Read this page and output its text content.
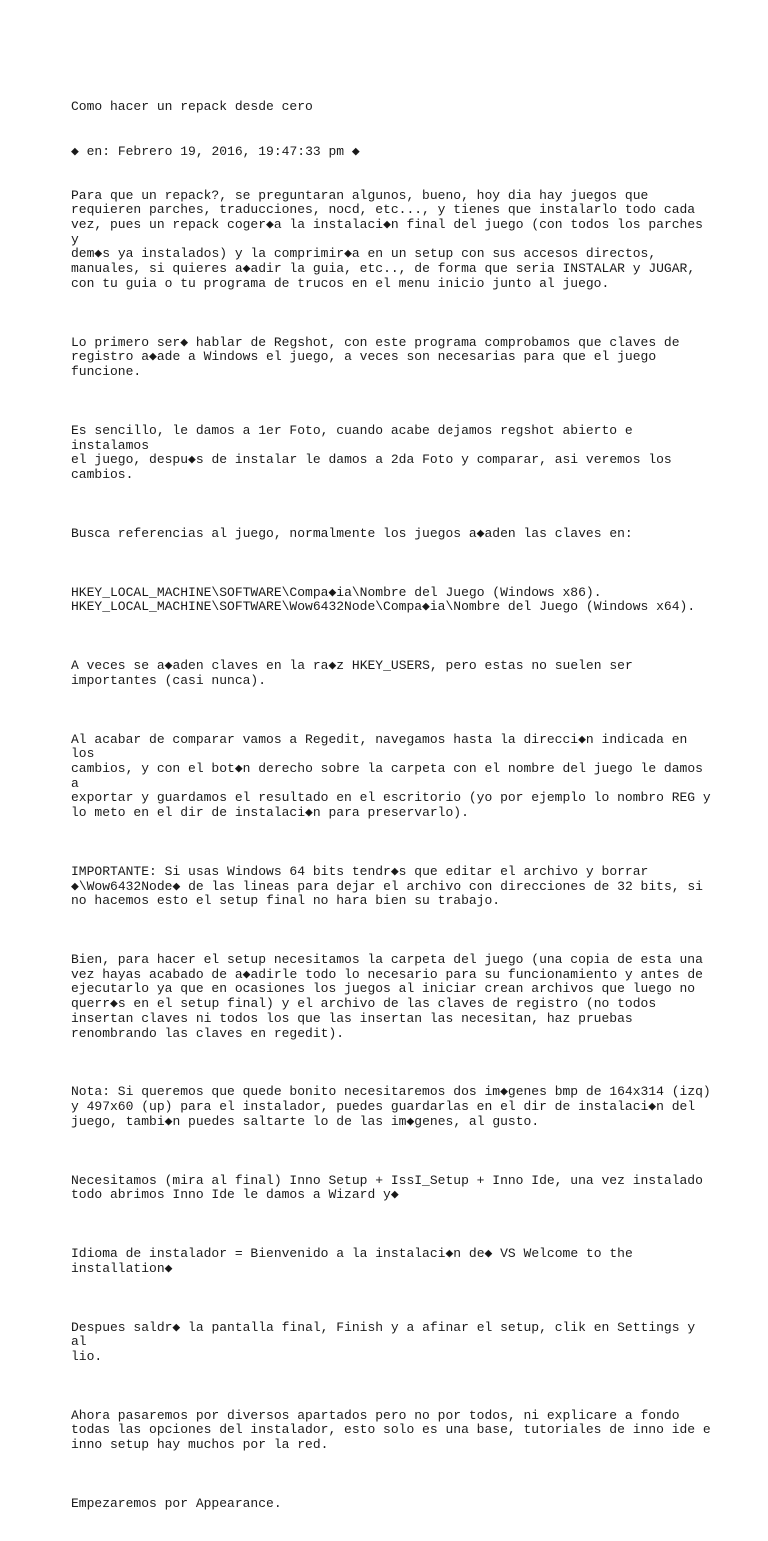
Como hacer un repack desde cero

◆ en: Febrero 19, 2016, 19:47:33 pm ◆

Para que un repack?, se preguntaran algunos, bueno, hoy dia hay juegos que
requieren parches, traducciones, nocd, etc..., y tienes que instalarlo todo cada
vez, pues un repack coger◆a la instalaci◆n final del juego (con todos los parches y
dem◆s ya instalados) y la comprimir◆a en un setup con sus accesos directos,
manuales, si quieres a◆adir la guia, etc.., de forma que seria INSTALAR y JUGAR,
con tu guia o tu programa de trucos en el menu inicio junto al juego.

Lo primero ser◆ hablar de Regshot, con este programa comprobamos que claves de
registro a◆ade a Windows el juego, a veces son necesarias para que el juego
funcione.

Es sencillo, le damos a 1er Foto, cuando acabe dejamos regshot abierto e instalamos
el juego, despu◆s de instalar le damos a 2da Foto y comparar, asi veremos los
cambios.

Busca referencias al juego, normalmente los juegos a◆aden las claves en:

HKEY_LOCAL_MACHINE\SOFTWARE\Compa◆ia\Nombre del Juego (Windows x86).
HKEY_LOCAL_MACHINE\SOFTWARE\Wow6432Node\Compa◆ia\Nombre del Juego (Windows x64).

A veces se a◆aden claves en la ra◆z HKEY_USERS, pero estas no suelen ser
importantes (casi nunca).

Al acabar de comparar vamos a Regedit, navegamos hasta la direcci◆n indicada en los
cambios, y con el bot◆n derecho sobre la carpeta con el nombre del juego le damos a
exportar y guardamos el resultado en el escritorio (yo por ejemplo lo nombro REG y
lo meto en el dir de instalaci◆n para preservarlo).

IMPORTANTE: Si usas Windows 64 bits tendr◆s que editar el archivo y borrar
◆\Wow6432Node◆ de las lineas para dejar el archivo con direcciones de 32 bits, si
no hacemos esto el setup final no hara bien su trabajo.

Bien, para hacer el setup necesitamos la carpeta del juego (una copia de esta una
vez hayas acabado de a◆adirle todo lo necesario para su funcionamiento y antes de
ejecutarlo ya que en ocasiones los juegos al iniciar crean archivos que luego no
querr◆s en el setup final) y el archivo de las claves de registro (no todos
insertan claves ni todos los que las insertan las necesitan, haz pruebas
renombrando las claves en regedit).

Nota: Si queremos que quede bonito necesitaremos dos im◆genes bmp de 164x314 (izq)
y 497x60 (up) para el instalador, puedes guardarlas en el dir de instalaci◆n del
juego, tambi◆n puedes saltarte lo de las im◆genes, al gusto.

Necesitamos (mira al final) Inno Setup + IssI_Setup + Inno Ide, una vez instalado
todo abrimos Inno Ide le damos a Wizard y◆

Idioma de instalador = Bienvenido a la instalaci◆n de◆ VS Welcome to the
installation◆

Despues saldr◆ la pantalla final, Finish y a afinar el setup, clik en Settings y al
lio.

Ahora pasaremos por diversos apartados pero no por todos, ni explicare a fondo
todas las opciones del instalador, esto solo es una base, tutoriales de inno ide e
inno setup hay muchos por la red.

Empezaremos por Appearance.
